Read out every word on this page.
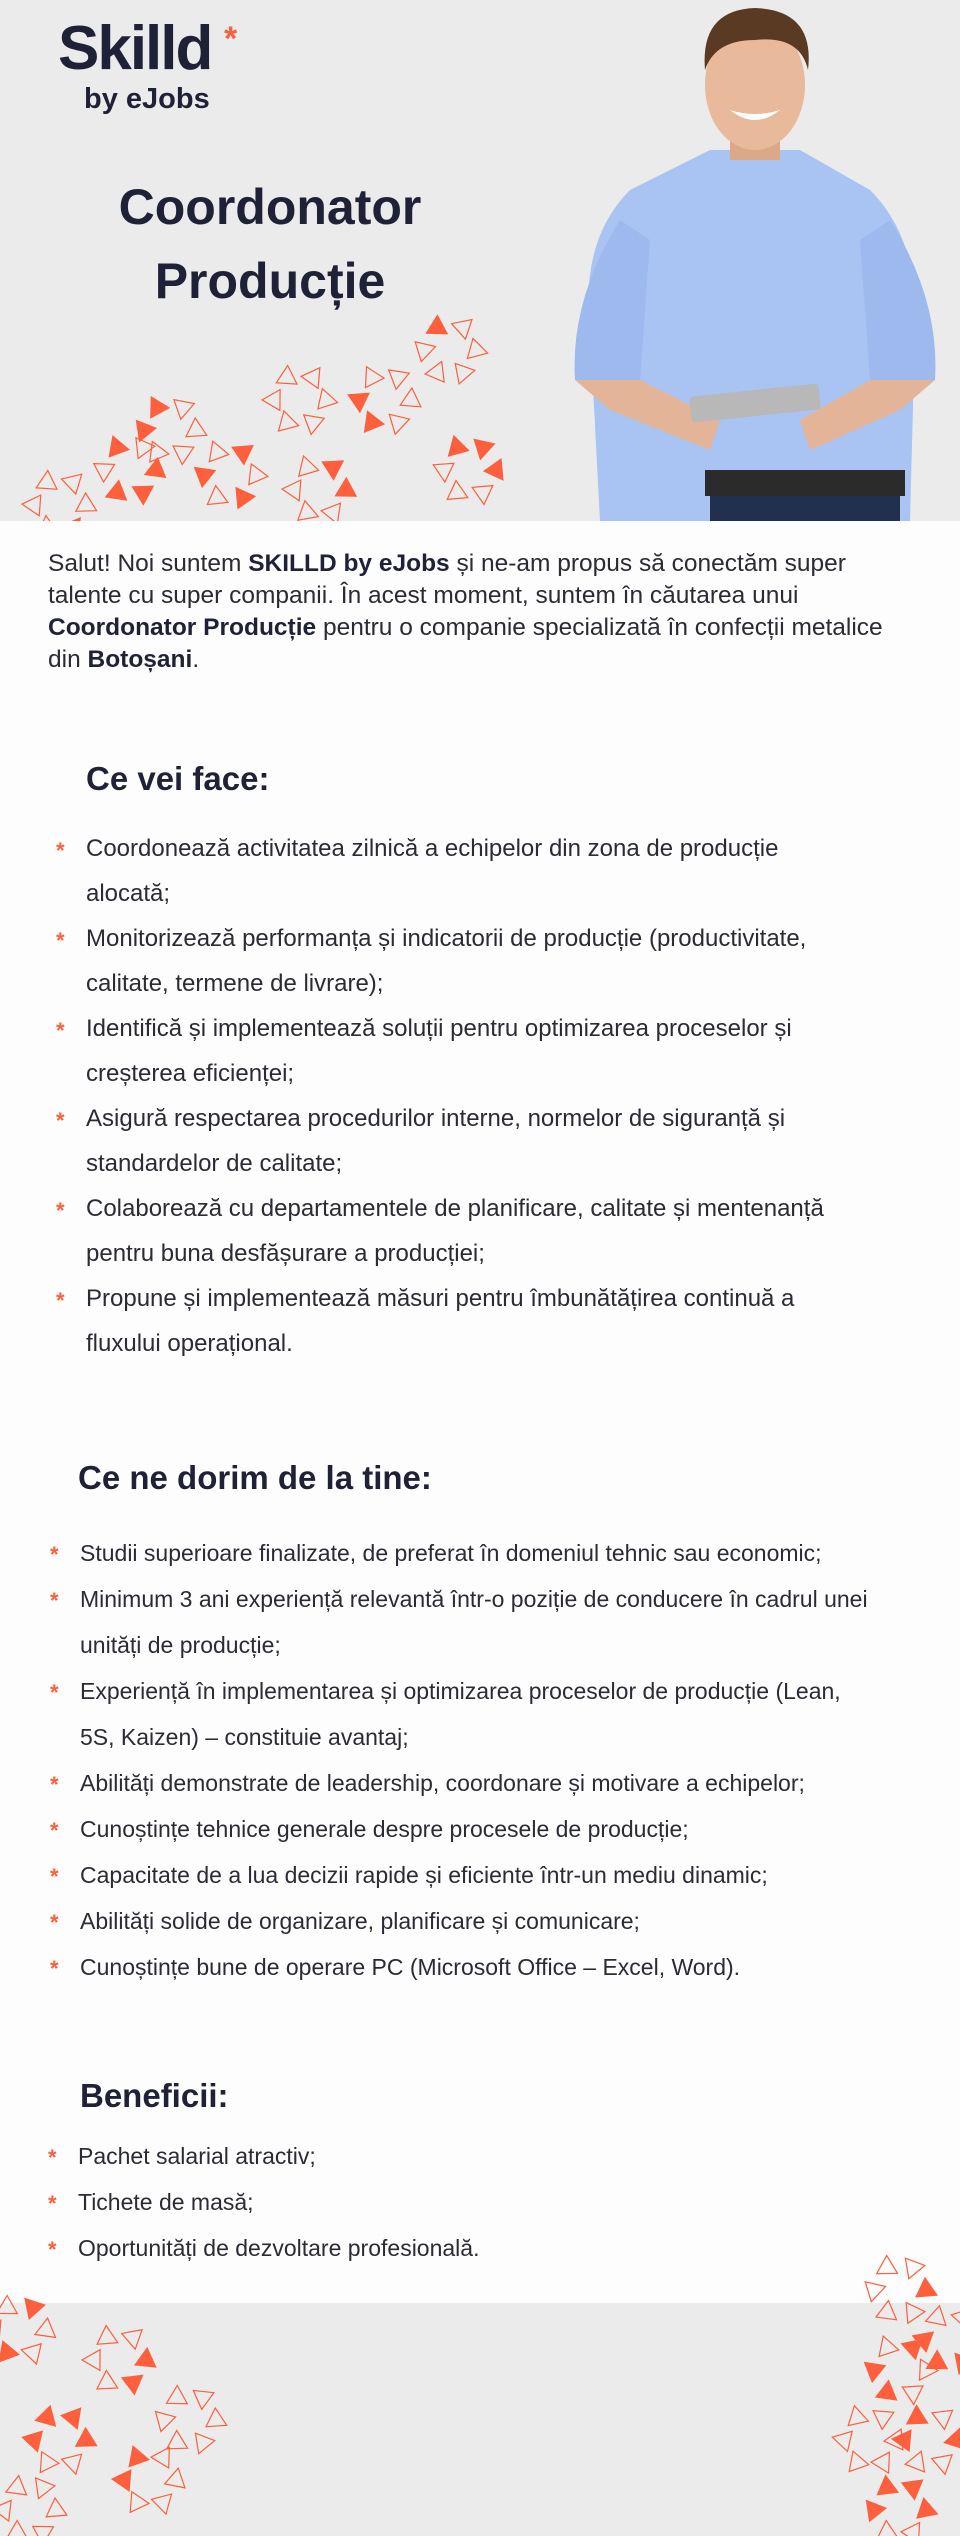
Skilld *
by eJobs
Coordonator
Producție

Salut! Noi suntem SKILLD by eJobs și ne-am propus să conectăm super talente cu super companii. În acest moment, suntem în căutarea unui Coordonator Producție pentru o companie specializată în confecții metalice din Botoșani.

Ce vei face:
* Coordonează activitatea zilnică a echipelor din zona de producție alocată;
* Monitorizează performanța și indicatorii de producție (productivitate, calitate, termene de livrare);
* Identifică și implementează soluții pentru optimizarea proceselor și creșterea eficienței;
* Asigură respectarea procedurilor interne, normelor de siguranță și standardelor de calitate;
* Colaborează cu departamentele de planificare, calitate și mentenanță pentru buna desfășurare a producției;
* Propune și implementează măsuri pentru îmbunătățirea continuă a fluxului operațional.
Ce ne dorim de la tine:
* Studii superioare finalizate, de preferat în domeniul tehnic sau economic;
* Minimum 3 ani experiență relevantă într-o poziție de conducere în cadrul unei unități de producție;
* Experiență în implementarea și optimizarea proceselor de producție (Lean, 5S, Kaizen) – constituie avantaj;
* Abilități demonstrate de leadership, coordonare și motivare a echipelor;
* Cunoștințe tehnice generale despre procesele de producție;
* Capacitate de a lua decizii rapide și eficiente într-un mediu dinamic;
* Abilități solide de organizare, planificare și comunicare;
* Cunoștințe bune de operare PC (Microsoft Office – Excel, Word).
Beneficii:
* Pachet salarial atractiv;
* Tichete de masă;
* Oportunități de dezvoltare profesională.
